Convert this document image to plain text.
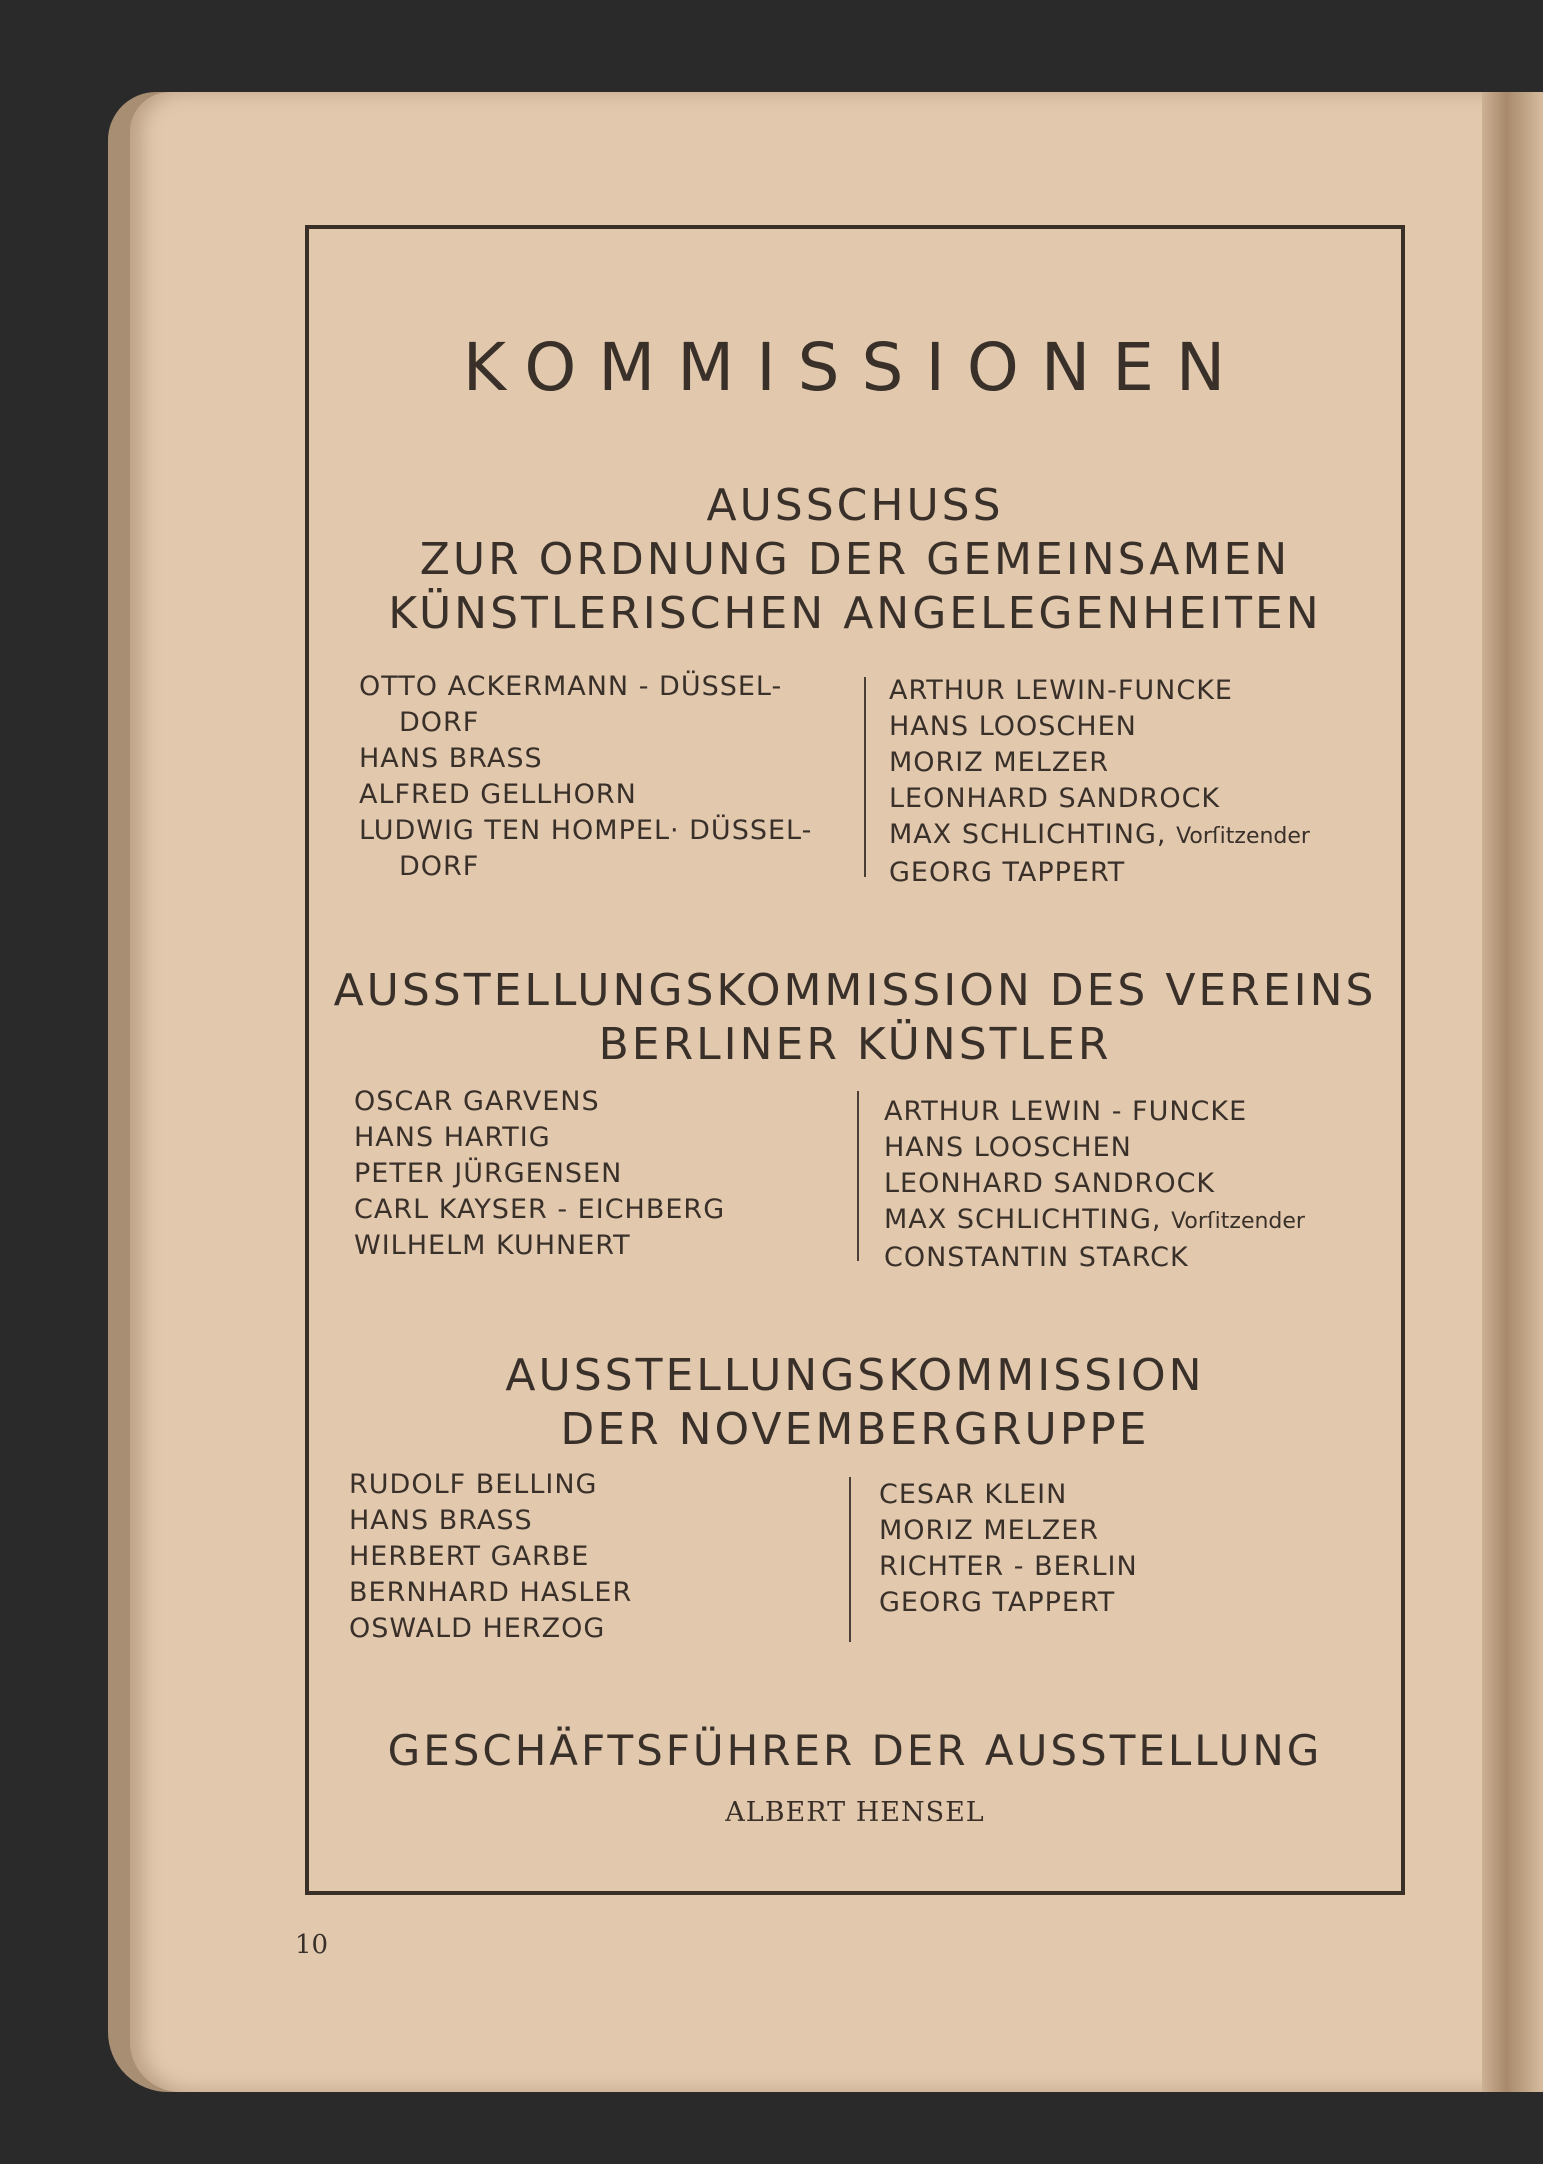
KOMMISSIONEN
AUSSCHUSS
ZUR ORDNUNG DER GEMEINSAMEN
KÜNSTLERISCHEN ANGELEGENHEITEN
OTTO ACKERMANN - DÜSSEL-
DORF
HANS BRASS
ALFRED GELLHORN
LUDWIG TEN HOMPEL· DÜSSEL-
DORF
ARTHUR LEWIN-FUNCKE
HANS LOOSCHEN
MORIZ MELZER
LEONHARD SANDROCK
MAX SCHLICHTING, Vorſitzender
GEORG TAPPERT
AUSSTELLUNGSKOMMISSION DES VEREINS
BERLINER KÜNSTLER
OSCAR GARVENS
HANS HARTIG
PETER JÜRGENSEN
CARL KAYSER - EICHBERG
WILHELM KUHNERT
ARTHUR LEWIN - FUNCKE
HANS LOOSCHEN
LEONHARD SANDROCK
MAX SCHLICHTING, Vorſitzender
CONSTANTIN STARCK
AUSSTELLUNGSKOMMISSION
DER NOVEMBERGRUPPE
RUDOLF BELLING
HANS BRASS
HERBERT GARBE
BERNHARD HASLER
OSWALD HERZOG
CESAR KLEIN
MORIZ MELZER
RICHTER - BERLIN
GEORG TAPPERT
GESCHÄFTSFÜHRER DER AUSSTELLUNG
ALBERT HENSEL
10
